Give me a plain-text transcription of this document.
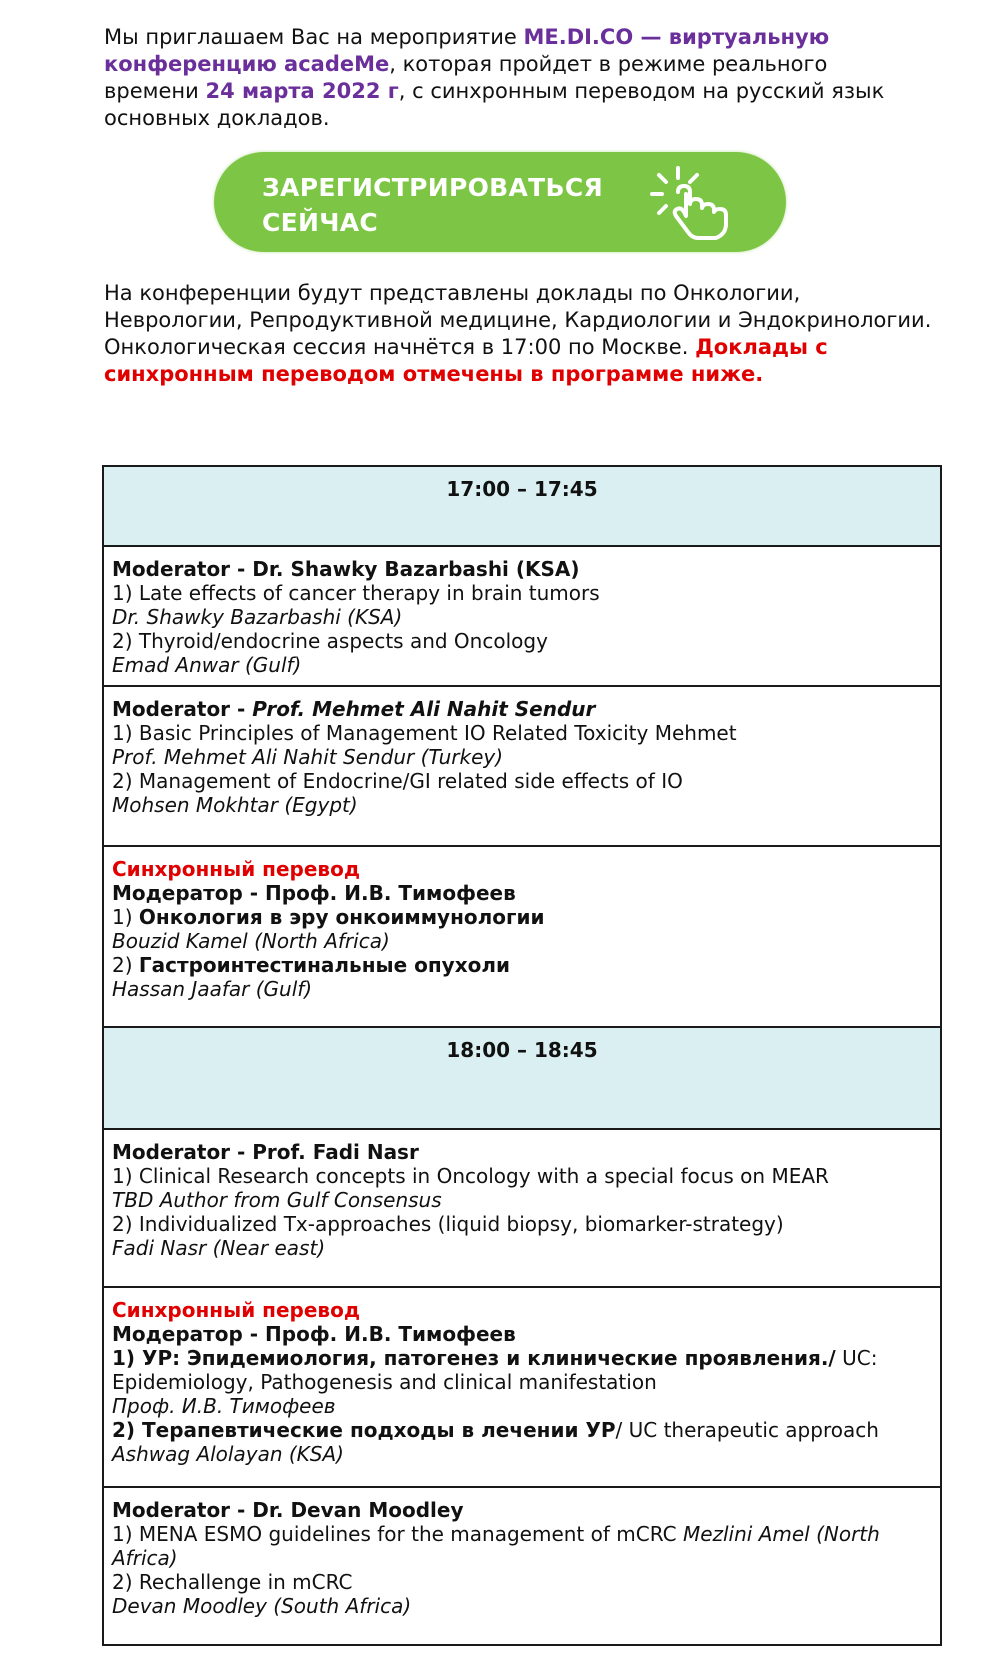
Мы приглашаем Вас на мероприятие ME.DI.CO — виртуальную конференцию acadeMe, которая пройдет в режиме реального времени 24 марта 2022 г, с синхронным переводом на русский язык основных докладов.

ЗАРЕГИСТРИРОВАТЬСЯ
СЕЙЧАС

На конференции будут представлены доклады по Онкологии, Неврологии, Репродуктивной медицине, Кардиологии и Эндокринологии. Онкологическая сессия начнётся в 17:00 по Москве. Доклады с синхронным переводом отмечены в программе ниже.

17:00 – 17:45

Moderator - Dr. Shawky Bazarbashi (KSA)
1) Late effects of cancer therapy in brain tumors
Dr. Shawky Bazarbashi (KSA)
2) Thyroid/endocrine aspects and Oncology
Emad Anwar (Gulf)

Moderator - Prof. Mehmet Ali Nahit Sendur
1) Basic Principles of Management IO Related Toxicity Mehmet
Prof. Mehmet Ali Nahit Sendur (Turkey)
2) Management of Endocrine/GI related side effects of IO
Mohsen Mokhtar (Egypt)

Синхронный перевод
Модератор - Проф. И.В. Тимофеев
1) Онкология в эру онкоиммунологии
Bouzid Kamel (North Africa)
2) Гастроинтестинальные опухоли
Hassan Jaafar (Gulf)

18:00 – 18:45

Moderator - Prof. Fadi Nasr
1) Clinical Research concepts in Oncology with a special focus on MEAR
TBD Author from Gulf Consensus
2) Individualized Tx-approaches (liquid biopsy, biomarker-strategy)
Fadi Nasr (Near east)

Синхронный перевод
Модератор - Проф. И.В. Тимофеев
1) УР: Эпидемиология, патогенез и клинические проявления./ UC: Epidemiology, Pathogenesis and clinical manifestation
Проф. И.В. Тимофеев
2) Терапевтические подходы в лечении УР/ UC therapeutic approach
Ashwag Alolayan (KSA)

Moderator - Dr. Devan Moodley
1) MENA ESMO guidelines for the management of mCRC Mezlini Amel (North Africa)
2) Rechallenge in mCRC
Devan Moodley (South Africa)
